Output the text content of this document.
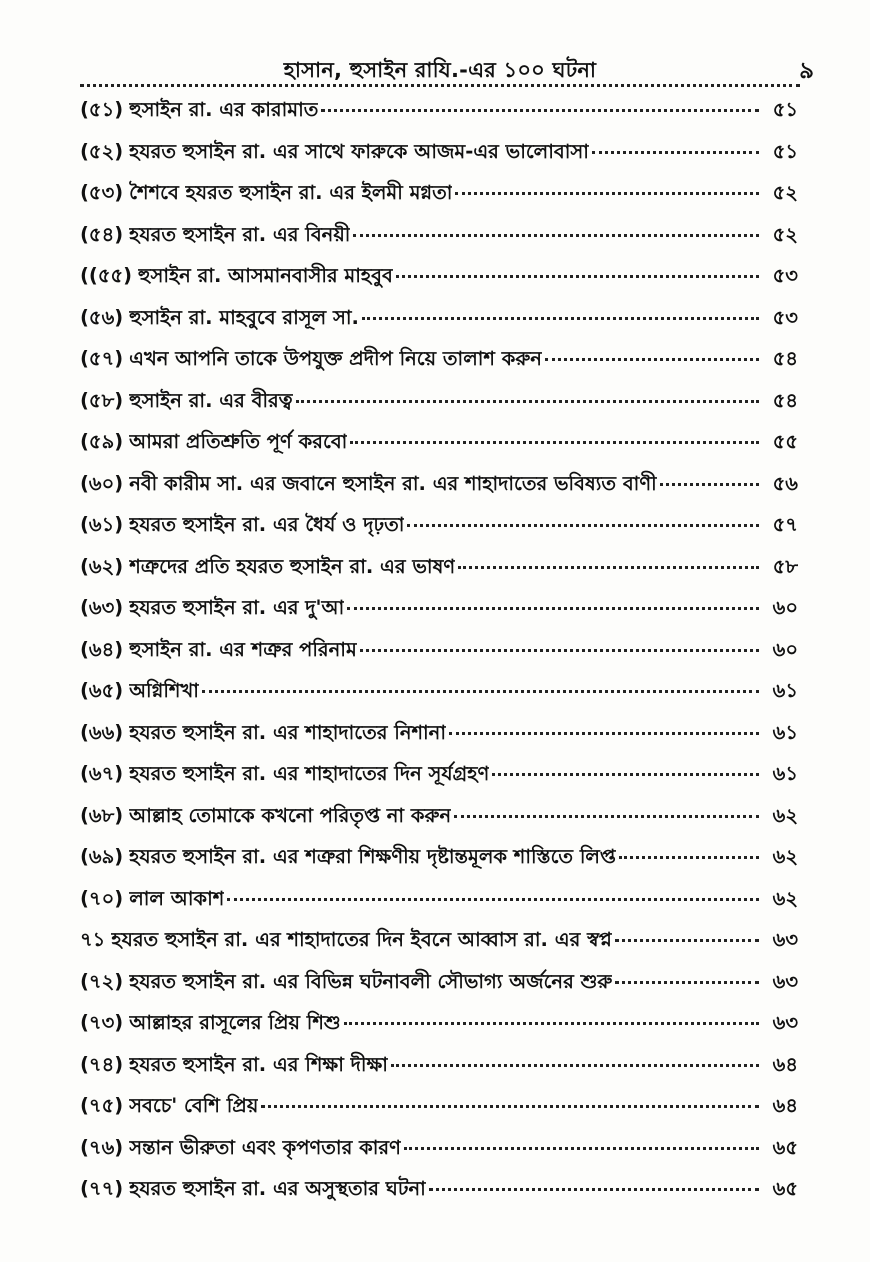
হাসান, হুসাইন রাযি.-এর ১০০ ঘটনা	৯
(৫১) হুসাইন রা. এর কারামাত	৫১
(৫২) হযরত হুসাইন রা. এর সাথে ফারুকে আজম-এর ভালোবাসা	৫১
(৫৩) শৈশবে হযরত হুসাইন রা. এর ইলমী মগ্নতা	৫২
(৫৪) হযরত হুসাইন রা. এর বিনয়ী	৫২
((৫৫) হুসাইন রা. আসমানবাসীর মাহবুব	৫৩
(৫৬) হুসাইন রা. মাহবুবে রাসূল সা.	৫৩
(৫৭) এখন আপনি তাকে উপযুক্ত প্রদীপ নিয়ে তালাশ করুন	৫৪
(৫৮) হুসাইন রা. এর বীরত্ব	৫৪
(৫৯) আমরা প্রতিশ্রুতি পূর্ণ করবো	৫৫
(৬০) নবী কারীম সা. এর জবানে হুসাইন রা. এর শাহাদাতের ভবিষ্যত বাণী	৫৬
(৬১) হযরত হুসাইন রা. এর ধৈর্য ও দৃঢ়তা	৫৭
(৬২) শত্রুদের প্রতি হযরত হুসাইন রা. এর ভাষণ	৫৮
(৬৩) হযরত হুসাইন রা. এর দু'আ	৬০
(৬৪) হুসাইন রা. এর শত্রুর পরিনাম	৬০
(৬৫) অগ্নিশিখা	৬১
(৬৬) হযরত হুসাইন রা. এর শাহাদাতের নিশানা	৬১
(৬৭) হযরত হুসাইন রা. এর শাহাদাতের দিন সূর্যগ্রহণ	৬১
(৬৮) আল্লাহ তোমাকে কখনো পরিতৃপ্ত না করুন	৬২
(৬৯) হযরত হুসাইন রা. এর শত্রুরা শিক্ষণীয় দৃষ্টান্তমূলক শাস্তিতে লিপ্ত	৬২
(৭০) লাল আকাশ	৬২
৭১ হযরত হুসাইন রা. এর শাহাদাতের দিন ইবনে আব্বাস রা. এর স্বপ্ন	৬৩
(৭২) হযরত হুসাইন রা. এর বিভিন্ন ঘটনাবলী সৌভাগ্য অর্জনের শুরু	৬৩
(৭৩) আল্লাহর রাসূলের প্রিয় শিশু	৬৩
(৭৪) হযরত হুসাইন রা. এর শিক্ষা দীক্ষা	৬৪
(৭৫) সবচে' বেশি প্রিয়	৬৪
(৭৬) সন্তান ভীরুতা এবং কৃপণতার কারণ	৬৫
(৭৭) হযরত হুসাইন রা. এর অসুস্থতার ঘটনা	৬৫
